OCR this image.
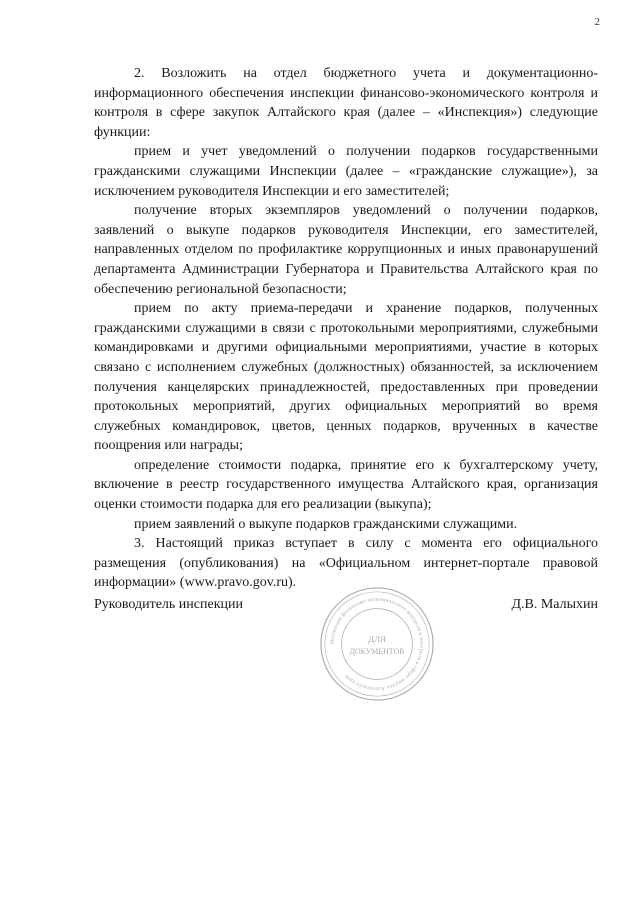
2

2. Возложить на отдел бюджетного учета и документационно-информационного обеспечения инспекции финансово-экономического контроля и контроля в сфере закупок Алтайского края (далее – «Инспекция») следующие функции:

прием и учет уведомлений о получении подарков государственными гражданскими служащими Инспекции (далее – «гражданские служащие»), за исключением руководителя Инспекции и его заместителей;

получение вторых экземпляров уведомлений о получении подарков, заявлений о выкупе подарков руководителя Инспекции, его заместителей, направленных отделом по профилактике коррупционных и иных правонарушений департамента Администрации Губернатора и Правительства Алтайского края по обеспечению региональной безопасности;

прием по акту приема-передачи и хранение подарков, полученных гражданскими служащими в связи с протокольными мероприятиями, служебными командировками и другими официальными мероприятиями, участие в которых связано с исполнением служебных (должностных) обязанностей, за исключением получения канцелярских принадлежностей, предоставленных при проведении протокольных мероприятий, других официальных мероприятий во время служебных командировок, цветов, ценных подарков, врученных в качестве поощрения или награды;

определение стоимости подарка, принятие его к бухгалтерскому учету, включение в реестр государственного имущества Алтайского края, организация оценки стоимости подарка для его реализации (выкупа);

прием заявлений о выкупе подарков гражданскими служащими.

3. Настоящий приказ вступает в силу с момента его официального размещения (опубликования) на «Официальном интернет-портале правовой информации» (www.pravo.gov.ru).

Руководитель инспекции	Д.В. Малыхин
Инспекция финансово-экономического контроля и контроля в сфере закупок Алтайского края
ДЛЯ
ДОКУМЕНТОВ
